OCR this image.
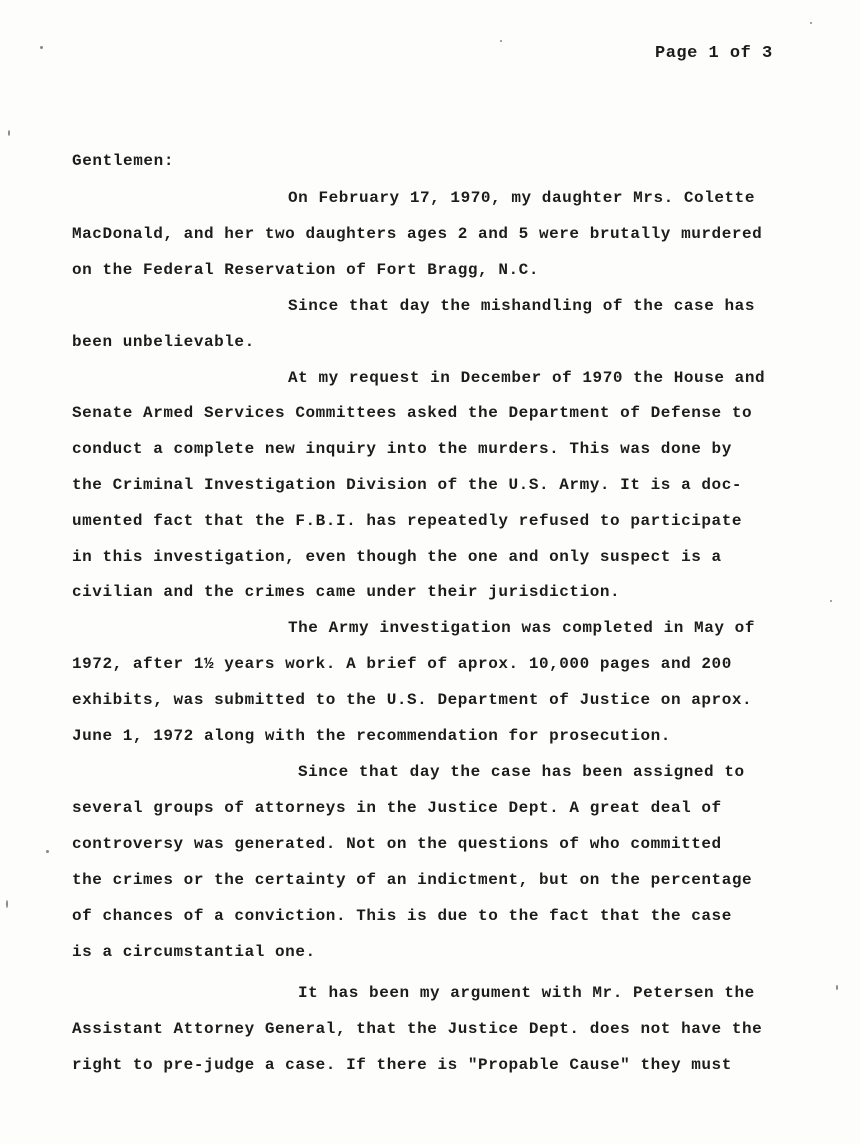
Page 1 of 3
Gentlemen:
On February 17, 1970, my daughter Mrs. Colette
MacDonald, and her two daughters ages 2 and 5 were brutally murdered
on the Federal Reservation of Fort Bragg, N.C.
Since that day the mishandling of the case has
been unbelievable.
At my request in December of 1970 the House and
Senate Armed Services Committees asked the Department of Defense to
conduct a complete new inquiry into the murders. This was done by
the Criminal Investigation Division of the U.S. Army. It is a doc-
umented fact that the F.B.I. has repeatedly refused to participate
in this investigation, even though the one and only suspect is a
civilian and the crimes came under their jurisdiction.
The Army investigation was completed in May of
1972, after 1½ years work. A brief of aprox. 10,000 pages and 200
exhibits, was submitted to the U.S. Department of Justice on aprox.
June 1, 1972 along with the recommendation for prosecution.
Since that day the case has been assigned to
several groups of attorneys in the Justice Dept. A great deal of
controversy was generated. Not on the questions of who committed
the crimes or the certainty of an indictment, but on the percentage
of chances of a conviction. This is due to the fact that the case
is a circumstantial one.
It has been my argument with Mr. Petersen the
Assistant Attorney General, that the Justice Dept. does not have the
right to pre-judge a case. If there is "Propable Cause" they must
